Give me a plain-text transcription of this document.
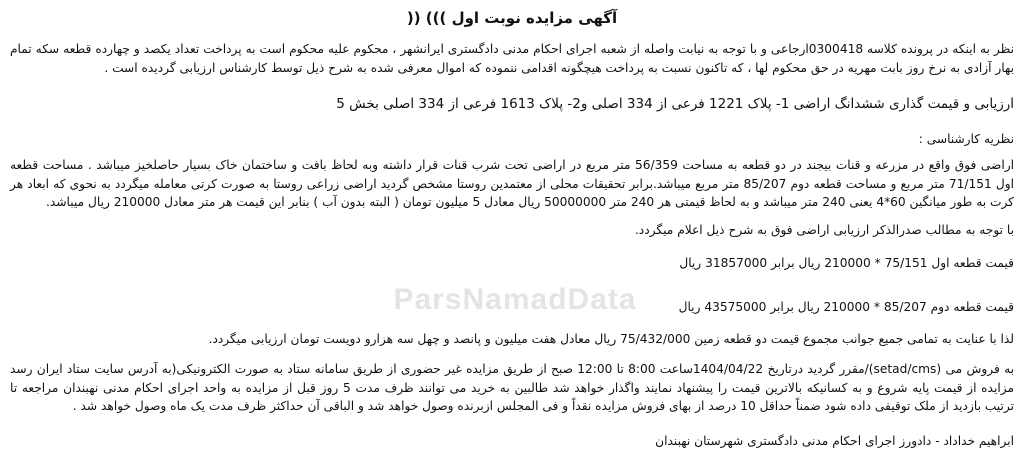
آگهی مزایده نوبت اول ))) ((
نظر به اینکه در پرونده کلاسه 0300418ارجاعی و با توجه به نیابت واصله از شعبه اجرای احکام مدنی دادگستری ایرانشهر ، محکوم علیه محکوم است به پرداخت تعداد یکصد و چهارده قطعه سکه تمام بهار آزادی به نرخ روز بابت مهریه در حق محکوم لها ، که تاکنون نسبت به پرداخت هیچگونه اقدامی ننموده که اموال معرفی شده به شرح ذیل توسط کارشناس ارزیابی گردیده است .
ارزیابی و قیمت گذاری ششدانگ اراضی 1- پلاک 1221 فرعی از 334 اصلی و2- پلاک 1613 فرعی از 334 اصلی بخش 5
نظریه کارشناسی :
اراضی فوق واقع در مزرعه و قنات بیجند در دو قطعه به مساحت 56/359 متر مربع در اراضی تحت شرب قنات قرار داشته وبه لحاظ بافت و ساختمان خاک بسیار حاصلخیز میباشد . مساحت قطعه اول 71/151 متر مربع و مساحت قطعه دوم 85/207 متر مربع میباشد.برابر تحقیقات محلی از معتمدین روستا مشخص گردید اراضی زراعی روستا به صورت کرتی معامله میگردد به نحوی که ابعاد هر کرت به طور میانگین 60*4 یعنی 240 متر میباشد و به لحاظ قیمتی هر 240 متر 50000000 ریال معادل 5 میلیون تومان ( البته بدون آب ) بنابر این قیمت هر متر معادل 210000 ریال میباشد.
با توجه به مطالب صدرالذکر ارزیابی اراضی فوق به شرح ذیل اعلام میگردد.
قیمت قطعه اول 75/151 * 210000 ریال برابر 31857000 ریال
قیمت قطعه دوم 85/207 * 210000 ریال برابر 43575000 ریال
لذا با عنایت به تمامی جمیع جوانب مجموع قیمت دو قطعه زمین 75/432/000 ریال معادل هفت میلیون و پانصد و چهل سه هزارو دویست تومان ارزیابی میگردد.
به فروش می (setad/cms)/مقرر گردید درتاریخ 1404/04/22ساعت 8:00 تا 12:00 صبح از طریق مزایده غیر حضوری از طریق سامانه ستاد به صورت الکترونیکی(به آدرس سایت ستاد ایران رسد مزایده از قیمت پایه شروع و به کسانیکه بالاترین قیمت را پیشنهاد نمایند واگذار خواهد شد طالبین به خرید می توانند ظرف مدت 5 روز قبل از مزایده به واحد اجرای احکام مدنی نهبندان مراجعه تا ترتیب بازدید از ملک توقیفی داده شود ضمناً حداقل 10 درصد از بهای فروش مزایده نقداً و فی المجلس ازبرنده وصول خواهد شد و الباقی آن حداکثر ظرف مدت یک ماه وصول خواهد شد .
ابراهیم خداداد - دادورز اجرای احکام مدنی دادگستری شهرستان نهبندان
ParsNamadData
